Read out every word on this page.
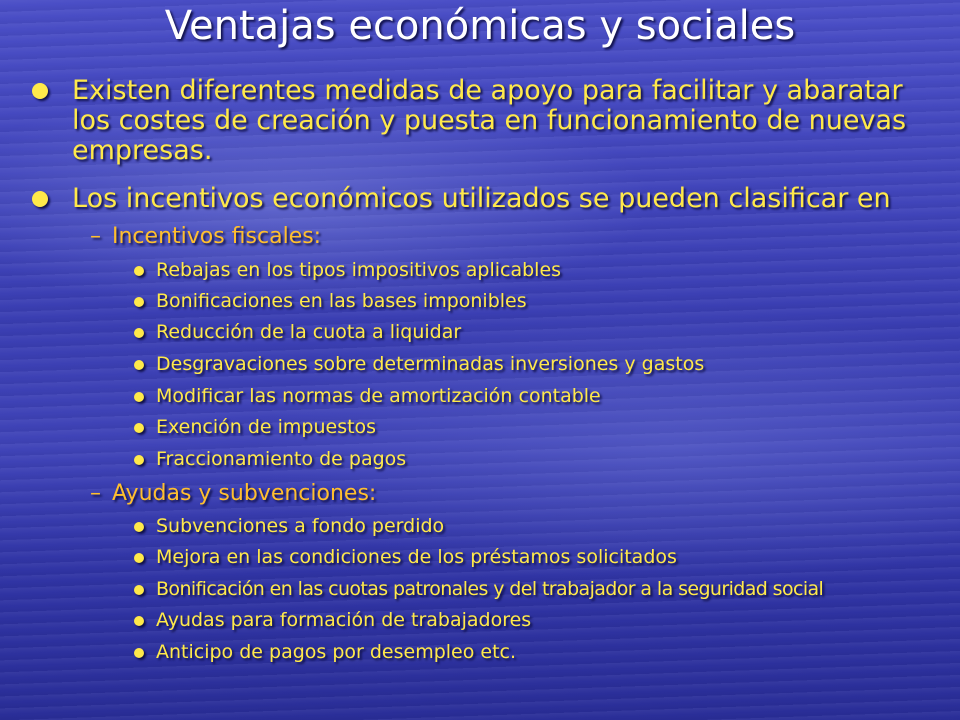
Ventajas económicas y sociales
Existen diferentes medidas de apoyo para facilitar y abaratar los costes de creación y puesta en funcionamiento de nuevas empresas.
Los incentivos económicos utilizados se pueden clasificar en
– Incentivos fiscales:
Rebajas en los tipos impositivos aplicables
Bonificaciones en las bases imponibles
Reducción de la cuota a liquidar
Desgravaciones sobre determinadas inversiones y gastos
Modificar las normas de amortización contable
Exención de impuestos
Fraccionamiento de pagos
– Ayudas y subvenciones:
Subvenciones a fondo perdido
Mejora en las condiciones de los préstamos solicitados
Bonificación en las cuotas patronales y del trabajador a la seguridad social
Ayudas para formación de trabajadores
Anticipo de pagos por desempleo etc.
